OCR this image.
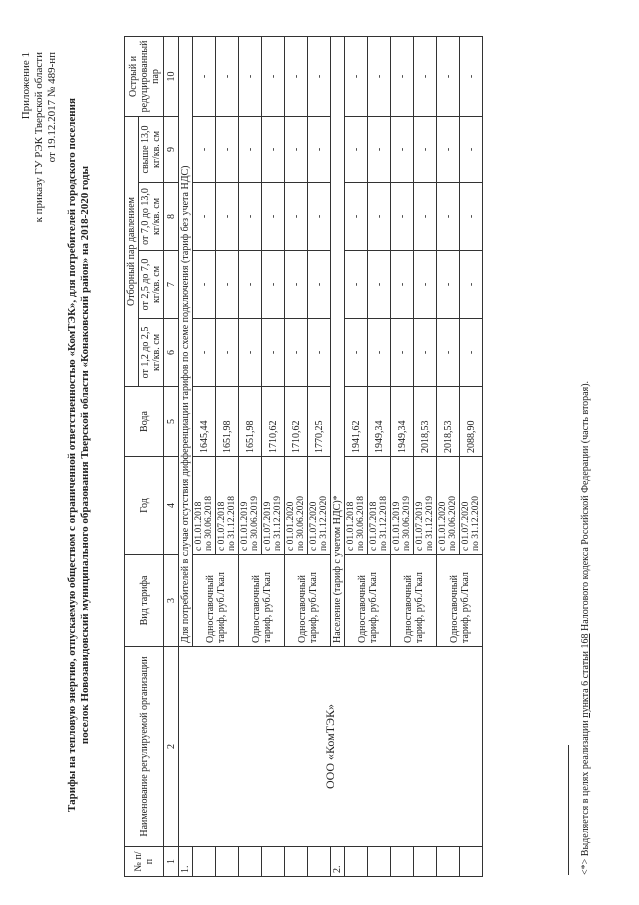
Приложение 1 к приказу ГУ РЭК Тверской области от 19.12.2017 № 489-нп Тарифы на тепловую энергию, отпускаемую обществом с ограниченной ответственностью «КомТЭК», для потребителей городского поселения поселок Новозавидовский муниципального образования Тверской области «Конаковский район» на 2018-2020 годы
№ п/п	Наименование регулируемой организации	Вид тарифа	Год	Вода	Отборный пар давлением				Острый и редуцированный пар
					от 1,2 до 2,5 кг/кв. см	от 2,5 до 7,0 кг/кв. см	от 7,0 до 13,0 кг/кв. см	свыше 13,0 кг/кв. см	
1	2	3	4	5	6	7	8	9	10
1.	ООО «КомТЭК»	Для потребителей в случае отсутствия дифференциации тарифов по схеме подключения (тариф без учета НДС)							
		Одноставочный тариф, руб./Гкал	с 01.01.2018 по 30.06.2018	1645,44	-	-	-	-	-

			с 01.07.2018 по 31.12.2018	1651,98	-	-	-	-	-
		Одноставочный тариф, руб./Гкал	с 01.01.2019 по 30.06.2019	1651,98	-	-	-	-	-

			с 01.07.2019 по 31.12.2019	1710,62	-	-	-	-	-
		Одноставочный тариф, руб./Гкал	с 01.01.2020 по 30.06.2020	1710,62	-	-	-	-	-

			с 01.07.2020 по 31.12.2020	1770,25	-	-	-	-	-
2.		Население (тариф с учетом НДС)*							
		Одноставочный тариф, руб./Гкал	с 01.01.2018 по 30.06.2018	1941,62	-	-	-	-	-

			с 01.07.2018 по 31.12.2018	1949,34	-	-	-	-	-
		Одноставочный тариф, руб./Гкал	с 01.01.2019 по 30.06.2019	1949,34	-	-	-	-	-

			с 01.07.2019 по 31.12.2019	2018,53	-	-	-	-	-
		Одноставочный тариф, руб./Гкал	с 01.01.2020 по 30.06.2020	2018,53	-	-	-	-	-

			с 01.07.2020 по 31.12.2020	2088,90	-	-	-	-	-
<*> Выделяется в целях реализации пункта 6 статьи 168 Налогового кодекса Российской Федерации (часть вторая).
